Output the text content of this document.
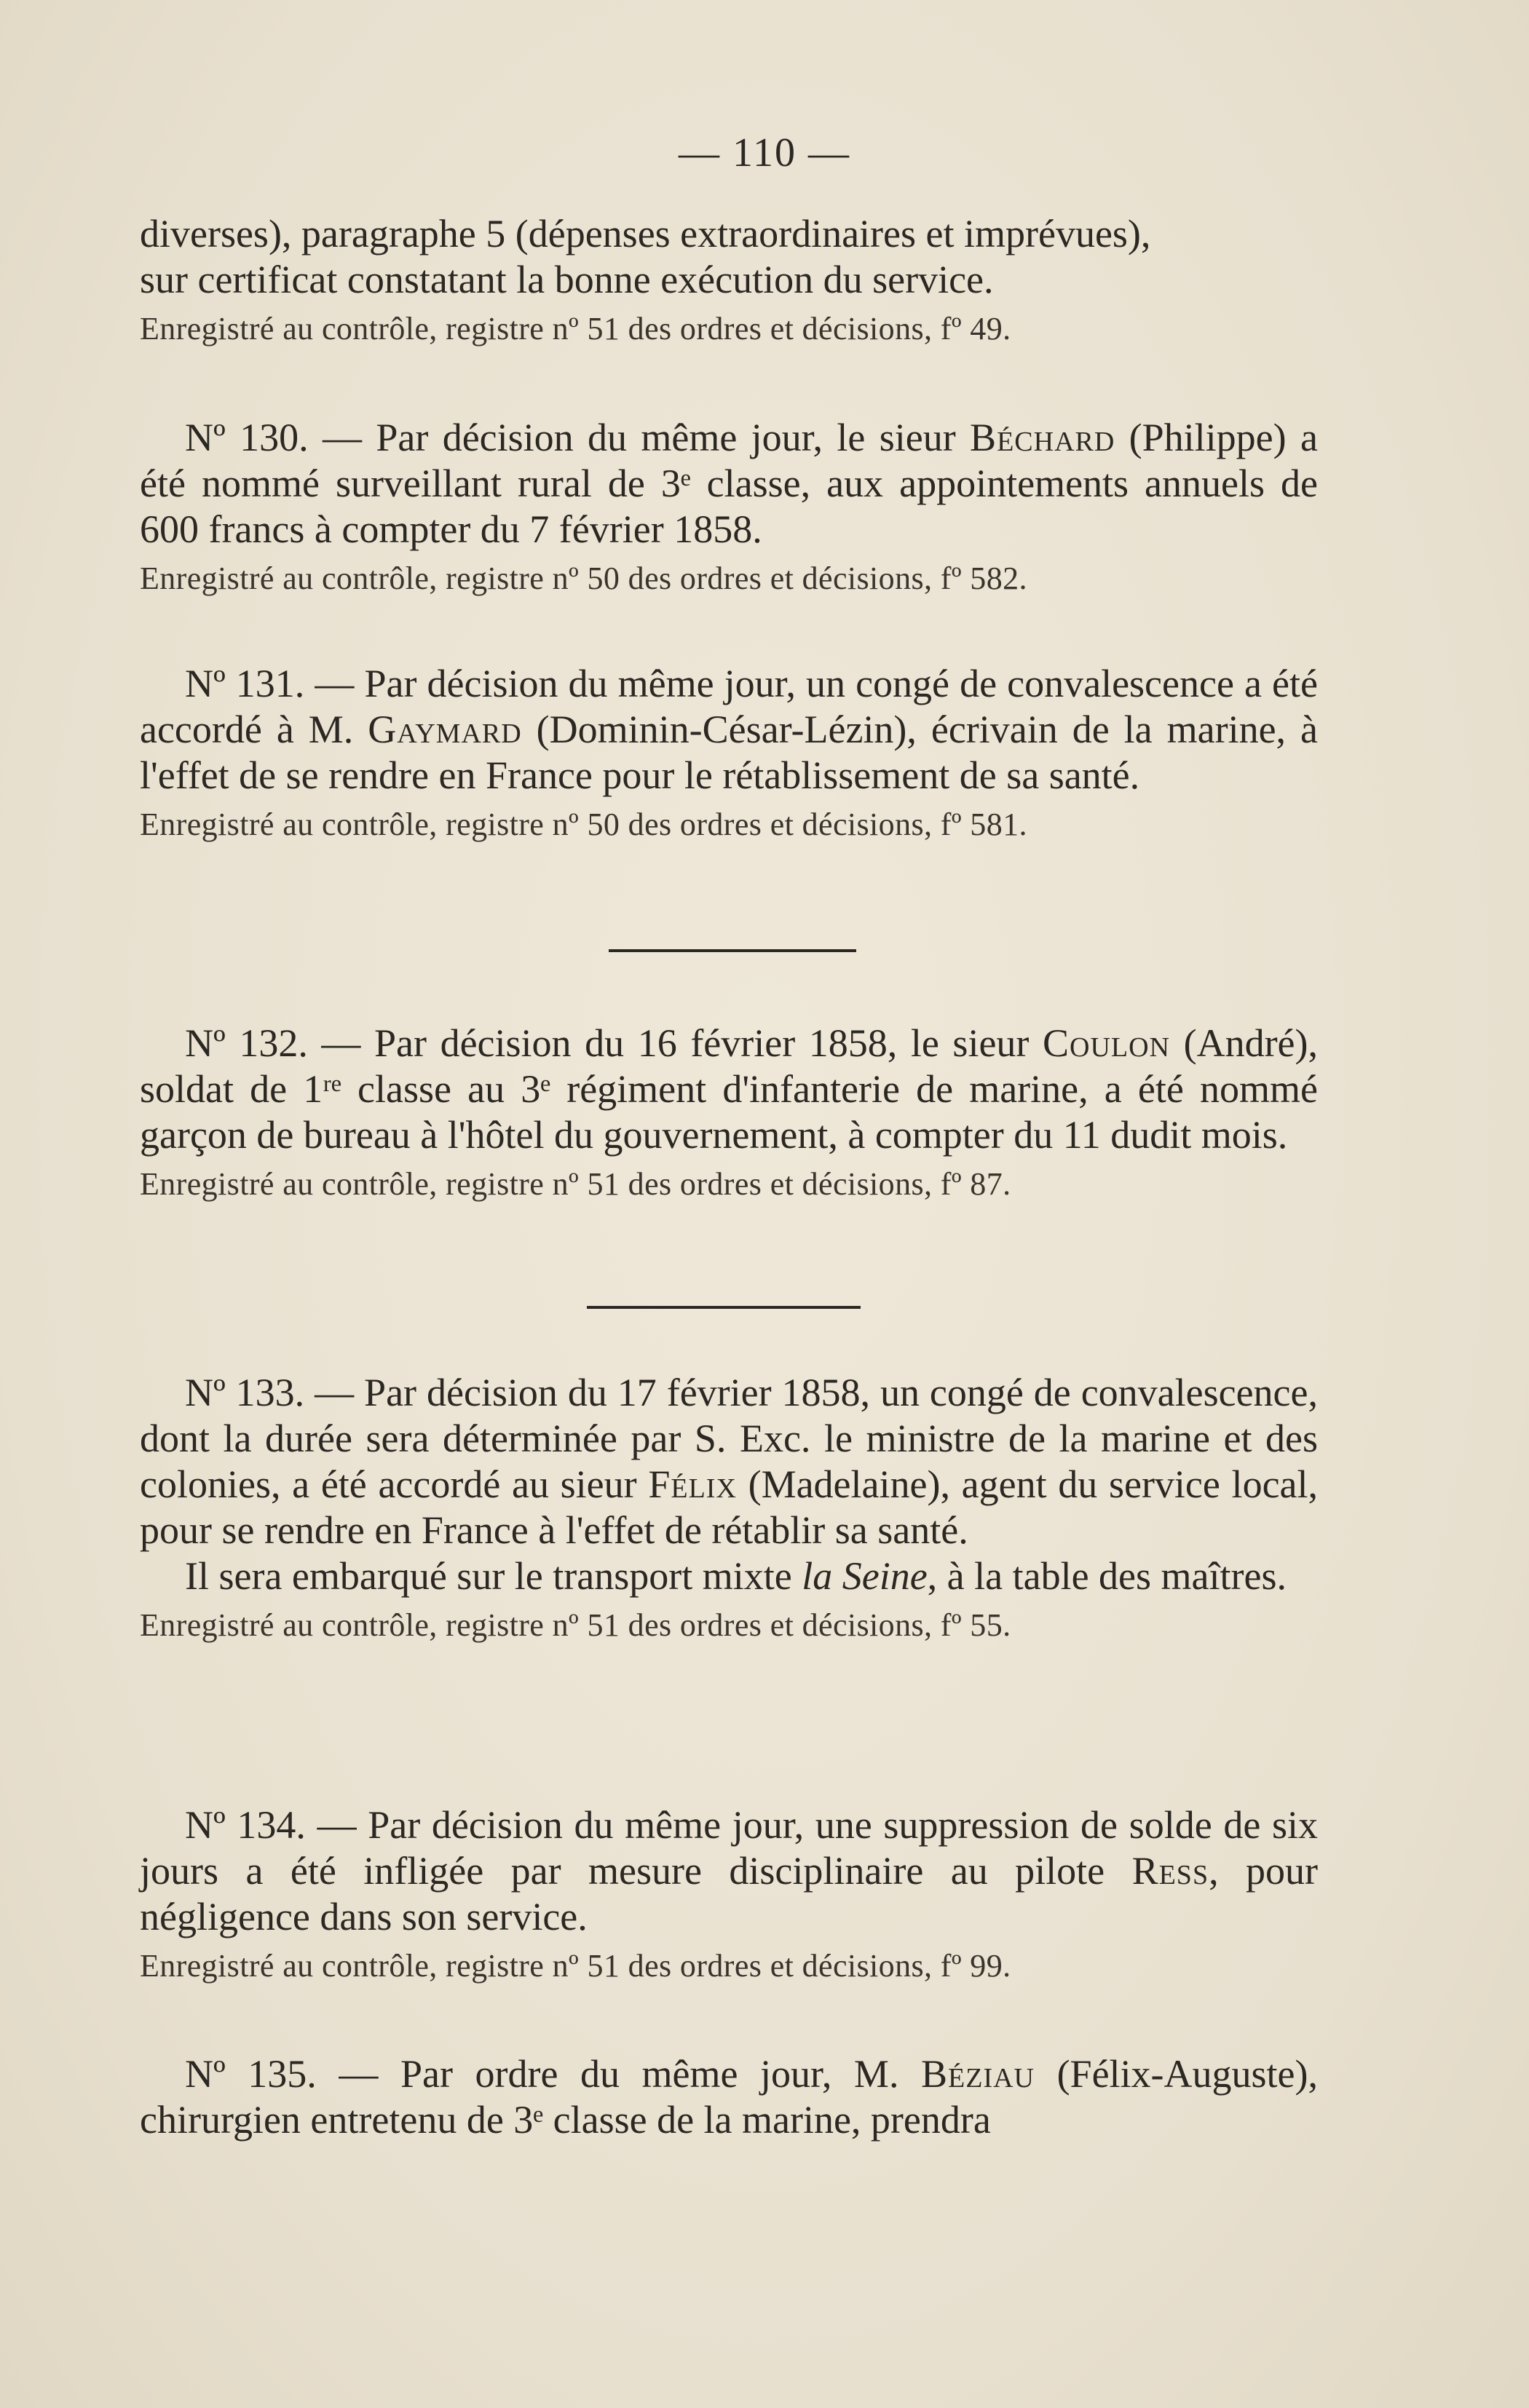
— 110 —

diverses), paragraphe 5 (dépenses extraordinaires et imprévues),

sur certificat constatant la bonne exécution du service.

Enregistré au contrôle, registre nº 51 des ordres et décisions, fº 49.

Nº 130. — Par décision du même jour, le sieur Béchard (Philippe) a été nommé surveillant rural de 3ᵉ classe, aux appointements annuels de 600 francs à compter du 7 février 1858.

Enregistré au contrôle, registre nº 50 des ordres et décisions, fº 582.

Nº 131. — Par décision du même jour, un congé de convalescence a été accordé à M. Gaymard (Dominin-César-Lézin), écrivain de la marine, à l'effet de se rendre en France pour le rétablissement de sa santé.

Enregistré au contrôle, registre nº 50 des ordres et décisions, fº 581.

Nº 132. — Par décision du 16 février 1858, le sieur Coulon (André), soldat de 1ʳᵉ classe au 3ᵉ régiment d'infanterie de marine, a été nommé garçon de bureau à l'hôtel du gouvernement, à compter du 11 dudit mois.

Enregistré au contrôle, registre nº 51 des ordres et décisions, fº 87.

Nº 133. — Par décision du 17 février 1858, un congé de convalescence, dont la durée sera déterminée par S. Exc. le ministre de la marine et des colonies, a été accordé au sieur Félix (Madelaine), agent du service local, pour se rendre en France à l'effet de rétablir sa santé.

Il sera embarqué sur le transport mixte la Seine, à la table des maîtres.

Enregistré au contrôle, registre nº 51 des ordres et décisions, fº 55.

Nº 134. — Par décision du même jour, une suppression de solde de six jours a été infligée par mesure disciplinaire au pilote Ress, pour négligence dans son service.

Enregistré au contrôle, registre nº 51 des ordres et décisions, fº 99.

Nº 135. — Par ordre du même jour, M. Béziau (Félix-Auguste), chirurgien entretenu de 3ᵉ classe de la marine, prendra
